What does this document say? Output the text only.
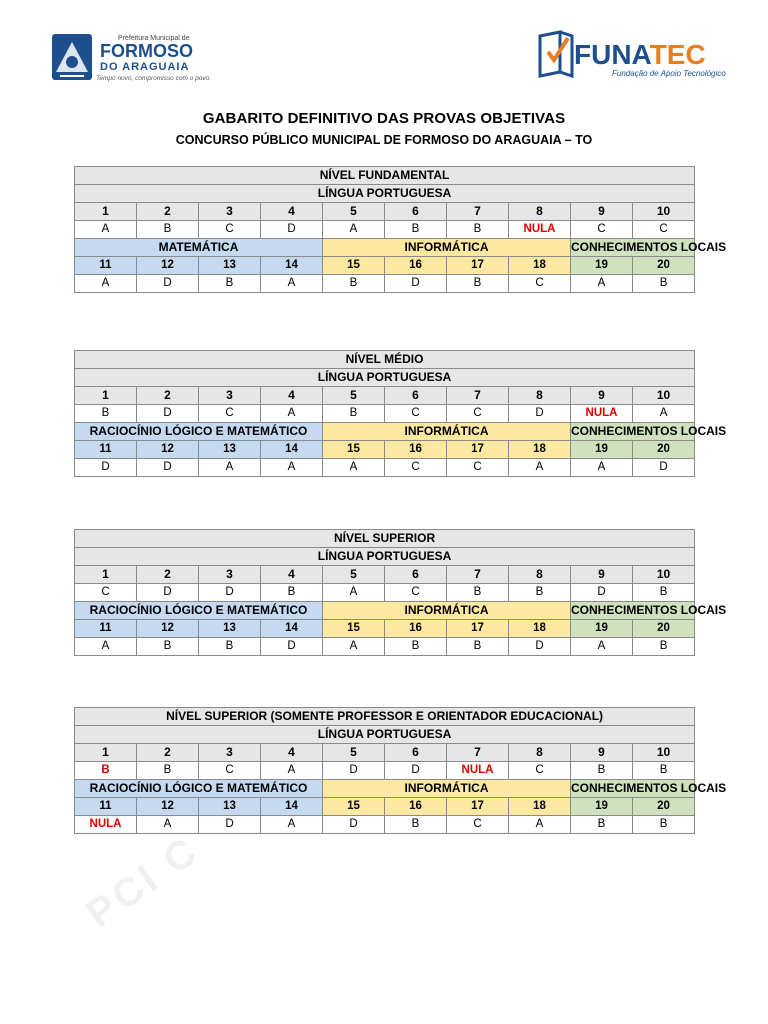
Prefeitura Municipal de
FORMOSO
DO ARAGUAIA
Tempo novo, compromisso com o povo.
FUNATEC
Fundação de Apoio Tecnológico
GABARITO DEFINITIVO DAS PROVAS OBJETIVAS
CONCURSO PÚBLICO MUNICIPAL DE FORMOSO DO ARAGUAIA – TO
PCI C
NÍVEL FUNDAMENTAL									
LÍNGUA PORTUGUESA									
1	2	3	4	5	6	7	8	9	10
A	B	C	D	A	B	B	NULA	C	C
MATEMÁTICA				INFORMÁTICA				CONHECIMENTOS LOCAIS	
11	12	13	14	15	16	17	18	19	20
A	D	B	A	B	D	B	C	A	B
NÍVEL MÉDIO									
LÍNGUA PORTUGUESA									
1	2	3	4	5	6	7	8	9	10
B	D	C	A	B	C	C	D	NULA	A
RACIOCÍNIO LÓGICO E MATEMÁTICO				INFORMÁTICA				CONHECIMENTOS LOCAIS	
11	12	13	14	15	16	17	18	19	20
D	D	A	A	A	C	C	A	A	D
NÍVEL SUPERIOR									
LÍNGUA PORTUGUESA									
1	2	3	4	5	6	7	8	9	10
C	D	D	B	A	C	B	B	D	B
RACIOCÍNIO LÓGICO E MATEMÁTICO				INFORMÁTICA				CONHECIMENTOS LOCAIS	
11	12	13	14	15	16	17	18	19	20
A	B	B	D	A	B	B	D	A	B
NÍVEL SUPERIOR (SOMENTE PROFESSOR E ORIENTADOR EDUCACIONAL)									
LÍNGUA PORTUGUESA									
1	2	3	4	5	6	7	8	9	10
B	B	C	A	D	D	NULA	C	B	B
RACIOCÍNIO LÓGICO E MATEMÁTICO				INFORMÁTICA				CONHECIMENTOS LOCAIS	
11	12	13	14	15	16	17	18	19	20
NULA	A	D	A	D	B	C	A	B	B
